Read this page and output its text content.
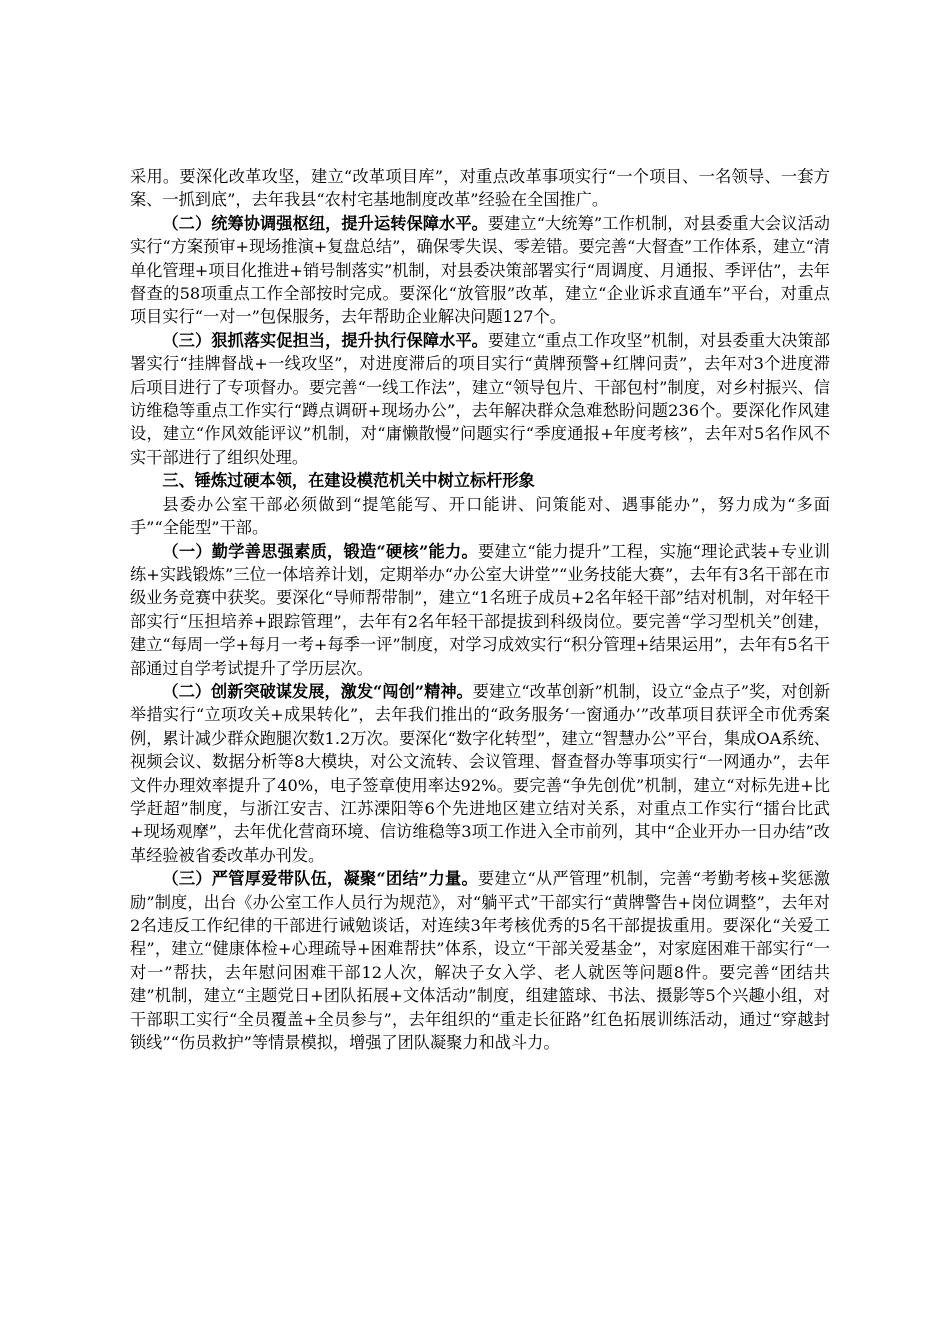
采用。要深化改革攻坚，建立“改革项目库”，对重点改革事项实行“一个项目、一名领导、一套方案、一抓到底”，去年我县“农村宅基地制度改革”经验在全国推广。

（二）统筹协调强枢纽，提升运转保障水平。要建立“大统筹”工作机制，对县委重大会议活动实行“方案预审+现场推演+复盘总结”，确保零失误、零差错。要完善“大督查”工作体系，建立“清单化管理+项目化推进+销号制落实”机制，对县委决策部署实行“周调度、月通报、季评估”，去年督查的58项重点工作全部按时完成。要深化“放管服”改革，建立“企业诉求直通车”平台，对重点项目实行“一对一”包保服务，去年帮助企业解决问题127个。

（三）狠抓落实促担当，提升执行保障水平。要建立“重点工作攻坚”机制，对县委重大决策部署实行“挂牌督战+一线攻坚”，对进度滞后的项目实行“黄牌预警+红牌问责”，去年对3个进度滞后项目进行了专项督办。要完善“一线工作法”，建立“领导包片、干部包村”制度，对乡村振兴、信访维稳等重点工作实行“蹲点调研+现场办公”，去年解决群众急难愁盼问题236个。要深化作风建设，建立“作风效能评议”机制，对“庸懒散慢”问题实行“季度通报+年度考核”，去年对5名作风不实干部进行了组织处理。

三、锤炼过硬本领，在建设模范机关中树立标杆形象

县委办公室干部必须做到“提笔能写、开口能讲、问策能对、遇事能办”，努力成为“多面手”“全能型”干部。

（一）勤学善思强素质，锻造“硬核”能力。要建立“能力提升”工程，实施“理论武装+专业训练+实践锻炼”三位一体培养计划，定期举办“办公室大讲堂”“业务技能大赛”，去年有3名干部在市级业务竞赛中获奖。要深化“导师帮带制”，建立“1名班子成员+2名年轻干部”结对机制，对年轻干部实行“压担培养+跟踪管理”，去年有2名年轻干部提拔到科级岗位。要完善“学习型机关”创建，建立“每周一学+每月一考+每季一评”制度，对学习成效实行“积分管理+结果运用”，去年有5名干部通过自学考试提升了学历层次。

（二）创新突破谋发展，激发“闯创”精神。要建立“改革创新”机制，设立“金点子”奖，对创新举措实行“立项攻关+成果转化”，去年我们推出的“政务服务‘一窗通办’”改革项目获评全市优秀案例，累计减少群众跑腿次数1.2万次。要深化“数字化转型”，建立“智慧办公”平台，集成OA系统、视频会议、数据分析等8大模块，对公文流转、会议管理、督查督办等事项实行“一网通办”，去年文件办理效率提升了40%，电子签章使用率达92%。要完善“争先创优”机制，建立“对标先进+比学赶超”制度，与浙江安吉、江苏溧阳等6个先进地区建立结对关系，对重点工作实行“擂台比武+现场观摩”，去年优化营商环境、信访维稳等3项工作进入全市前列，其中“企业开办一日办结”改革经验被省委改革办刊发。

（三）严管厚爱带队伍，凝聚“团结”力量。要建立“从严管理”机制，完善“考勤考核+奖惩激励”制度，出台《办公室工作人员行为规范》，对“躺平式”干部实行“黄牌警告+岗位调整”，去年对2名违反工作纪律的干部进行诫勉谈话，对连续3年考核优秀的5名干部提拔重用。要深化“关爱工程”，建立“健康体检+心理疏导+困难帮扶”体系，设立“干部关爱基金”，对家庭困难干部实行“一对一”帮扶，去年慰问困难干部12人次，解决子女入学、老人就医等问题8件。要完善“团结共建”机制，建立“主题党日+团队拓展+文体活动”制度，组建篮球、书法、摄影等5个兴趣小组，对干部职工实行“全员覆盖+全员参与”，去年组织的“重走长征路”红色拓展训练活动，通过“穿越封锁线”“伤员救护”等情景模拟，增强了团队凝聚力和战斗力。
